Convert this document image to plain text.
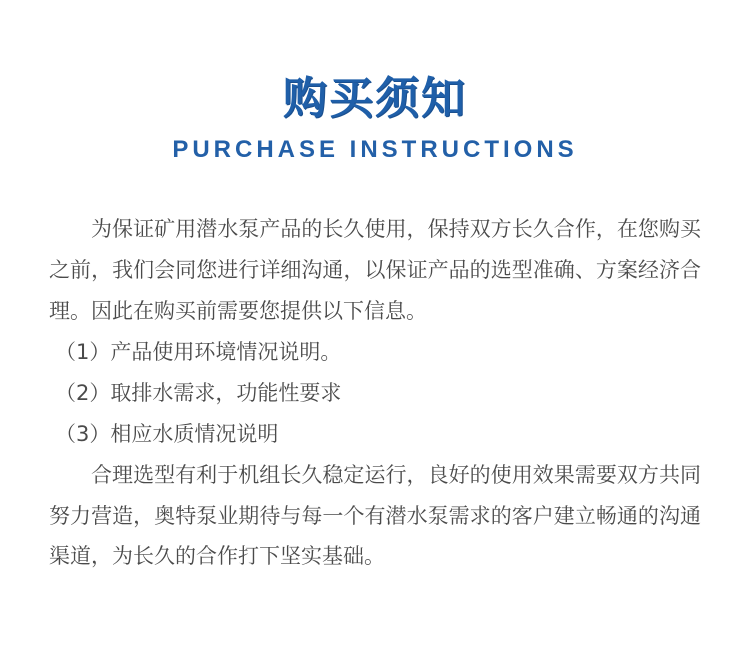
购买须知
PURCHASE INSTRUCTIONS

为保证矿用潜水泵产品的长久使用，保持双方长久合作，在您购买之前，我们会同您进行详细沟通，以保证产品的选型准确、方案经济合理。因此在购买前需要您提供以下信息。

（1）产品使用环境情况说明。

（2）取排水需求，功能性要求

（3）相应水质情况说明

合理选型有利于机组长久稳定运行，良好的使用效果需要双方共同努力营造，奥特泵业期待与每一个有潜水泵需求的客户建立畅通的沟通渠道，为长久的合作打下坚实基础。
